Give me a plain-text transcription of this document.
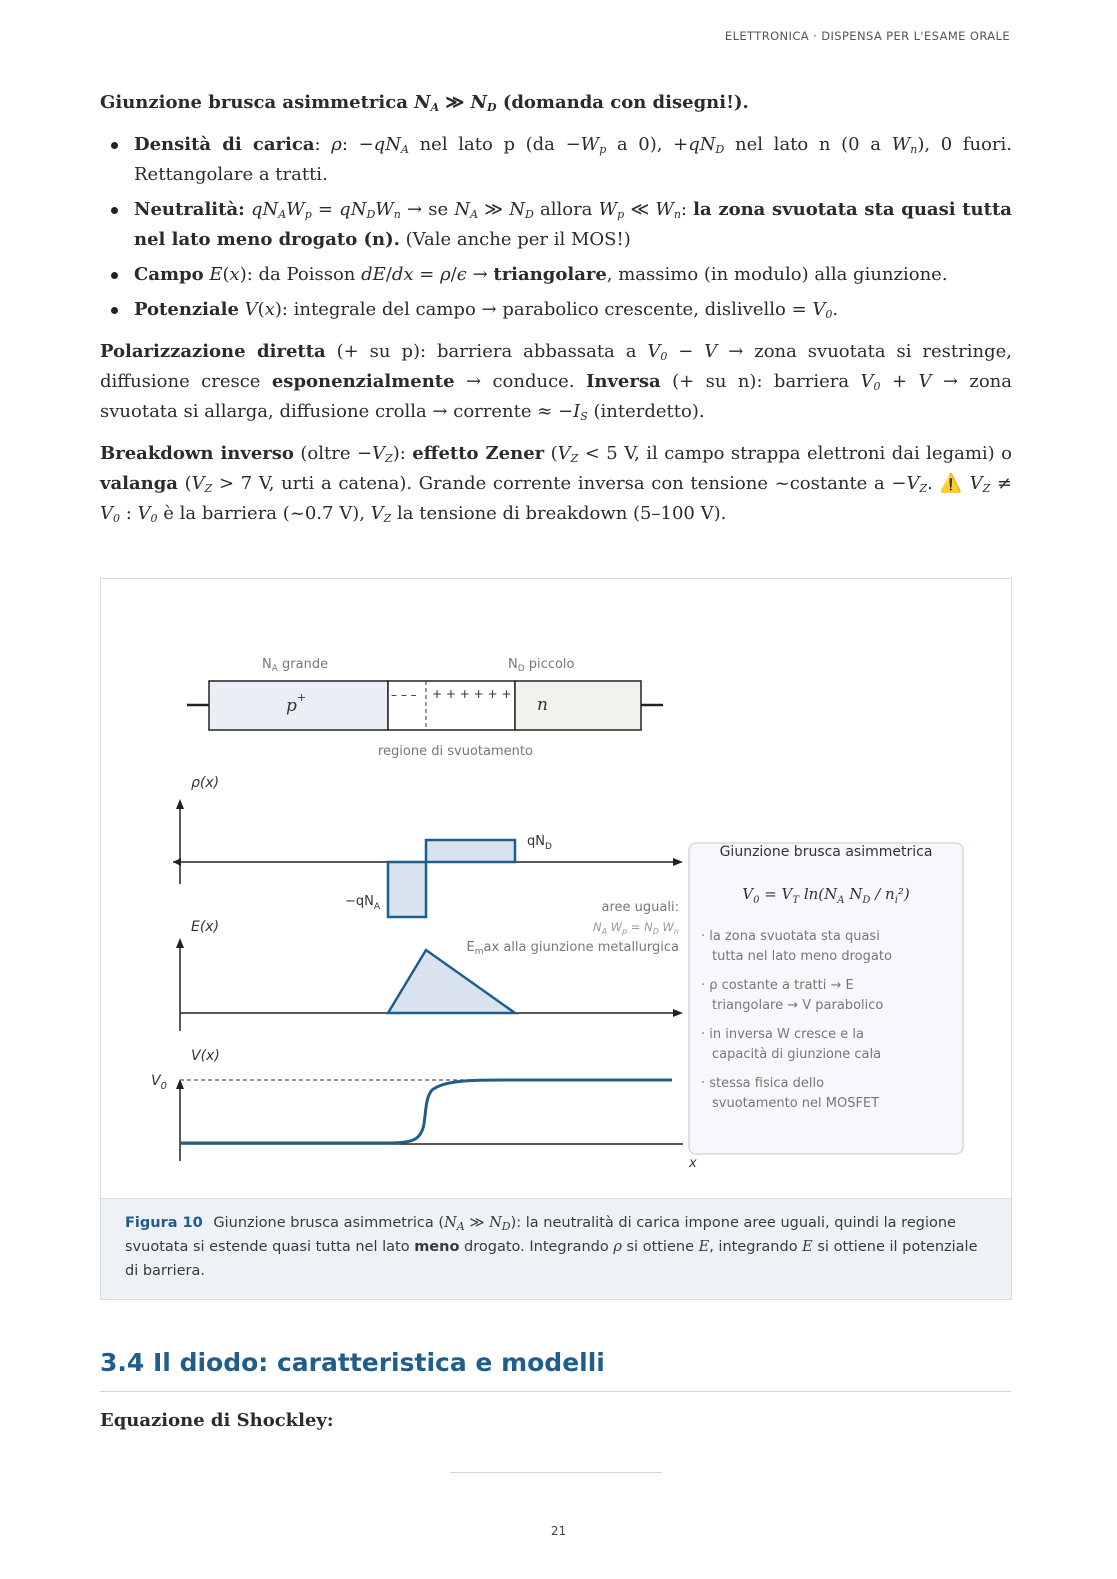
ELETTRONICA · DISPENSA PER L'ESAME ORALE

Giunzione brusca asimmetrica $N_A$ ≫ $N_D$ (domanda con disegni!).

Densità di carica: ρ: $-qN_A$ nel lato p ($da -W_p$ a 0), $+qN_D$ nel lato n (0 a $W_n$), 0 fuori. Rettangolare a tratti.
Neutralità: $qN_AW_p = qN_DW_n$ → se $N_A$ ≫ $N_D$ allora $W_p$ ≪ $W_n$: la zona svuotata sta quasi tutta nel lato meno drogato (n). (Vale anche per il MOS!)
Campo E(x): da Poisson dE/dx = ρ/ϵ → triangolare, massimo (in modulo) alla giunzione.
Potenziale V(x): integrale del campo → parabolico crescente, dislivello = $V_0$.

Polarizzazione diretta (+ su p): barriera abbassata a $V_0 - V$ → zona svuotata si restringe, diffusione cresce esponenzialmente → conduce. Inversa (+ su n): barriera $V_0 + V$ → zona svuotata si allarga, diffusione crolla → corrente ≈ $-I_S$ (interdetto).

Breakdown inverso (oltre $-V_Z$): effetto Zener ($V_Z < 5$ V, il campo strappa elettroni dai legami) o valanga ($V_Z > 7$ V, urti a catena). Grande corrente inversa con tensione ~costante $a -V_Z$. ⚠️ $V_Z \ne V_0$ : $V_0$ è la barriera (~0.7 V), $V_Z$ la tensione di breakdown (5–100 V).

$N_A$ grande	$N_D$ piccolo
p+	n
– – – + + + + + +
regione di svuotamento
ρ(x)
$qN_D$
$-qN_A$	aree uguali:
$N_A$ $W_p = N_D$ $W_n$
$E_max$ alla giunzione metallurgica
E(x)
V(x)
$V_0$
x
Giunzione brusca asimmetrica
$V_0 = V_T$ $\ln(N_A$ $N_D / n_i^2$)
· la zona svuotata sta quasi
tutta nel lato meno drogato
· ρ costante a tratti → E
triangolare → V parabolico
· in inversa W cresce e la
capacità di giunzione cala
· stessa fisica dello
svuotamento nel MOSFET
Figura 10 Giunzione brusca asimmetrica ($N_A$ ≫ $N_D$): la neutralità di carica impone aree uguali, quindi la regione svuotata si estende quasi tutta nel lato meno drogato. Integrando ρ si ottiene E, integrando E si ottiene il potenziale di barriera.
3.4 Il diodo: caratteristica e modelli
Equazione di Shockley:
21
